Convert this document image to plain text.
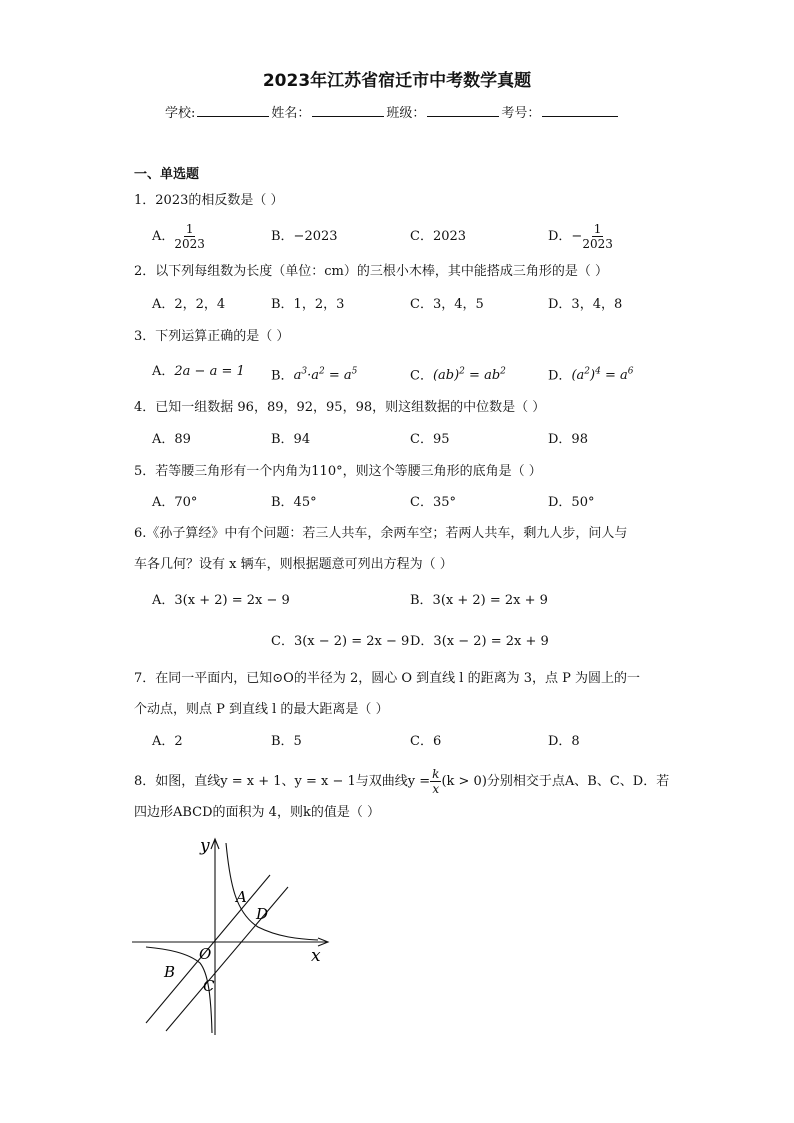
2023年江苏省宿迁市中考数学真题
学校:	姓名：	班级：	考号：
一、单选题
1．2023的相反数是（ ）
A． $\frac{1}{2023}$	B．−2023	C．2023	D．− $\frac{1}{2023}$
2．以下列每组数为长度（单位：cm）的三根小木棒，其中能搭成三角形的是（ ）
A．2，2，4	B．1，2，3	C．3，4，5	D．3，4，8
3．下列运算正确的是（ ）
A．2a − a = 1 B．$a^3\cdot a^2 = a^5$	C．$(ab)^2 = ab^2$	D．$(a^2)^4 = a^6$
4．已知一组数据 96，89，92，95，98，则这组数据的中位数是（ ）
A．89	B．94	C．95	D．98
5．若等腰三角形有一个内角为110°，则这个等腰三角形的底角是（ ）
A．70°	B．45°	C．35°	D．50°
6.《孙子算经》中有个问题：若三人共车，余两车空；若两人共车，剩九人步，问人与
车各几何？设有 x 辆车，则根据题意可列出方程为（ ）
A．3(x + 2) = 2x − 9	B．3(x + 2) = 2x + 9
C．3(x − 2) = 2x − 9 D．3(x − 2) = 2x + 9
7．在同一平面内，已知⊙O的半径为 2，圆心 O 到直线 l 的距离为 3，点 P 为圆上的一
个动点，则点 P 到直线 l 的最大距离是（ ）
A．2	B．5	C．6	D．8
8．如图，直线y = x + 1、y = x − 1与双曲线$y = \frac{k}{x} (k > 0)$分别相交于点A、B、C、D．若
四边形ABCD的面积为 4，则k的值是（ ）
y
x
O
A
D
B
C
